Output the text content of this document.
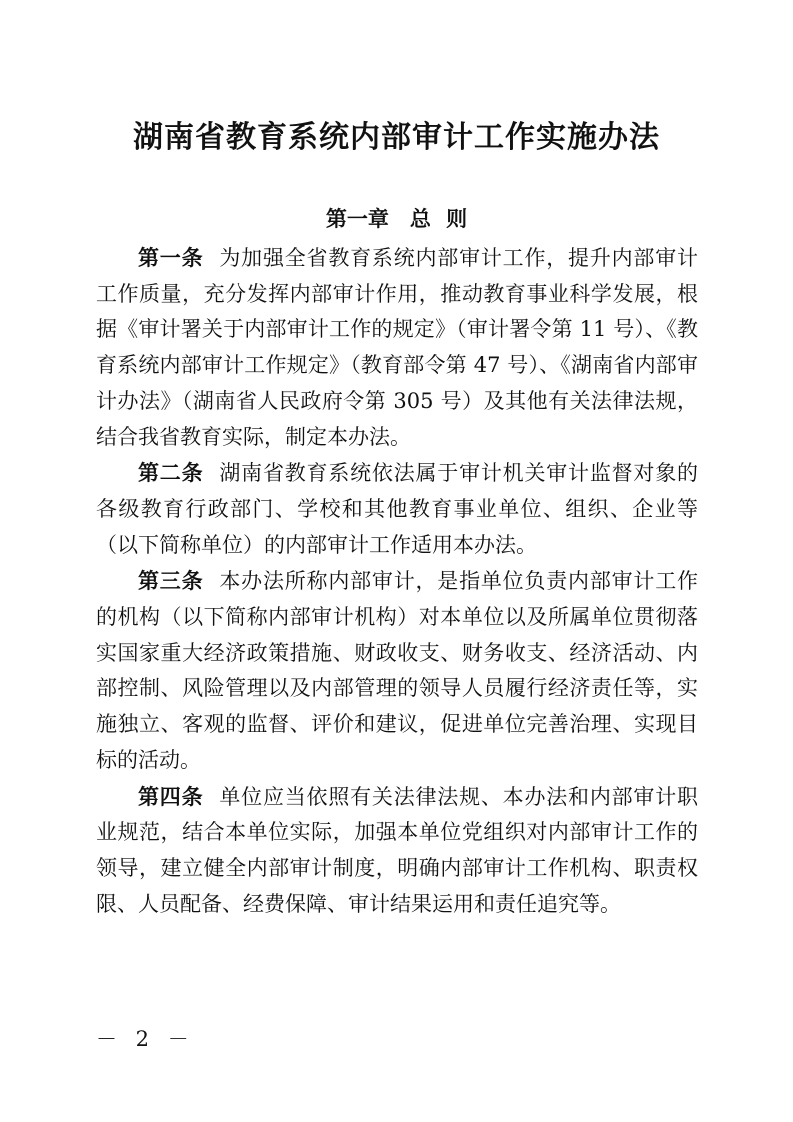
湖南省教育系统内部审计工作实施办法
第一章　总 则

第一条 为加强全省教育系统内部审计工作，提升内部审计工作质量，充分发挥内部审计作用，推动教育事业科学发展，根据《审计署关于内部审计工作的规定》（审计署令第 11 号）、《教育系统内部审计工作规定》（教育部令第 47 号）、《湖南省内部审计办法》（湖南省人民政府令第 305 号）及其他有关法律法规，结合我省教育实际，制定本办法。

第二条 湖南省教育系统依法属于审计机关审计监督对象的各级教育行政部门、学校和其他教育事业单位、组织、企业等（以下简称单位）的内部审计工作适用本办法。

第三条 本办法所称内部审计，是指单位负责内部审计工作的机构（以下简称内部审计机构）对本单位以及所属单位贯彻落实国家重大经济政策措施、财政收支、财务收支、经济活动、内部控制、风险管理以及内部管理的领导人员履行经济责任等，实施独立、客观的监督、评价和建议，促进单位完善治理、实现目标的活动。

第四条 单位应当依照有关法律法规、本办法和内部审计职业规范，结合本单位实际，加强本单位党组织对内部审计工作的领导，建立健全内部审计制度，明确内部审计工作机构、职责权限、人员配备、经费保障、审计结果运用和责任追究等。

－ 2 －
